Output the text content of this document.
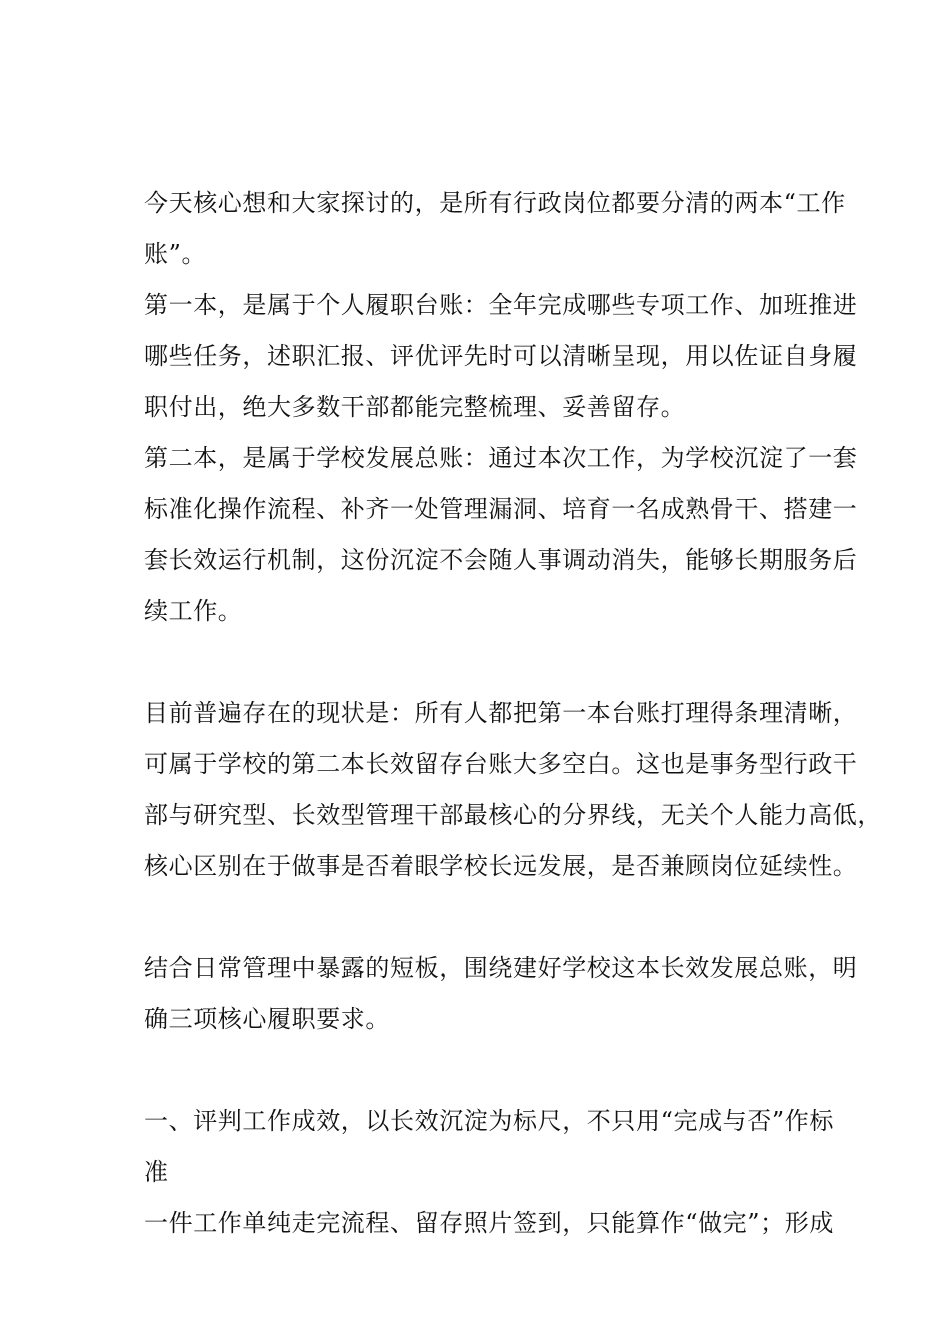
今天核心想和大家探讨的，是所有行政岗位都要分清的两本“工作
账”。
第一本，是属于个人履职台账：全年完成哪些专项工作、加班推进
哪些任务，述职汇报、评优评先时可以清晰呈现，用以佐证自身履
职付出，绝大多数干部都能完整梳理、妥善留存。
第二本，是属于学校发展总账：通过本次工作，为学校沉淀了一套
标准化操作流程、补齐一处管理漏洞、培育一名成熟骨干、搭建一
套长效运行机制，这份沉淀不会随人事调动消失，能够长期服务后
续工作。
目前普遍存在的现状是：所有人都把第一本台账打理得条理清晰，
可属于学校的第二本长效留存台账大多空白。这也是事务型行政干
部与研究型、长效型管理干部最核心的分界线，无关个人能力高低，
核心区别在于做事是否着眼学校长远发展，是否兼顾岗位延续性。
结合日常管理中暴露的短板，围绕建好学校这本长效发展总账，明
确三项核心履职要求。
一、评判工作成效，以长效沉淀为标尺，不只用“完成与否”作标
准
一件工作单纯走完流程、留存照片签到，只能算作“做完”；形成
